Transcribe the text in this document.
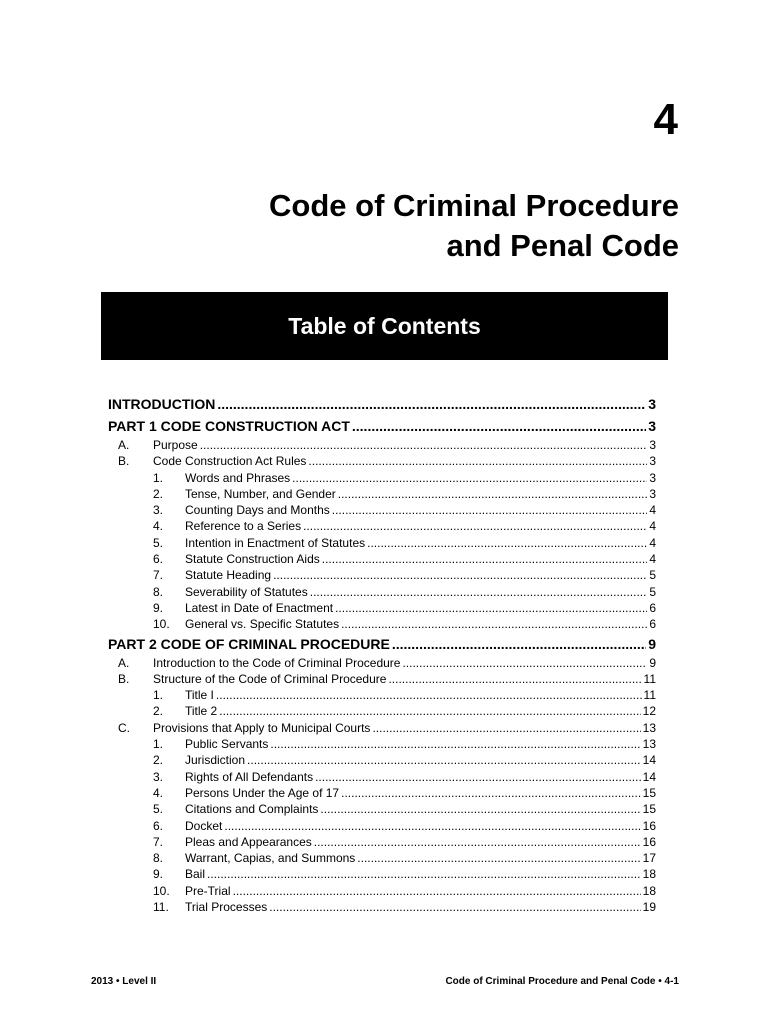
4
Code of Criminal Procedure
and Penal Code
Table of Contents
INTRODUCTION .....	3
PART 1 CODE CONSTRUCTION ACT .....	3
A. Purpose .....	3
B. Code Construction Act Rules .....	3
1. Words and Phrases .....	3
2. Tense, Number, and Gender .....	3
3. Counting Days and Months .....	4
4. Reference to a Series .....	4
5. Intention in Enactment of Statutes .....	4
6. Statute Construction Aids .....	4
7. Statute Heading .....	5
8. Severability of Statutes .....	5
9. Latest in Date of Enactment .....	6
10. General vs. Specific Statutes .....	6
PART 2 CODE OF CRIMINAL PROCEDURE .....	9
A. Introduction to the Code of Criminal Procedure .....	9
B. Structure of the Code of Criminal Procedure .....	11
1. Title I .....	11
2. Title 2 .....	12
C. Provisions that Apply to Municipal Courts .....	13
1. Public Servants .....	13
2. Jurisdiction .....	14
3. Rights of All Defendants .....	14
4. Persons Under the Age of 17 .....	15
5. Citations and Complaints .....	15
6. Docket .....	16
7. Pleas and Appearances .....	16
8. Warrant, Capias, and Summons .....	17
9. Bail .....	18
10. Pre-Trial .....	18
11. Trial Processes .....	19
2013 • Level II	Code of Criminal Procedure and Penal Code • 4-1
